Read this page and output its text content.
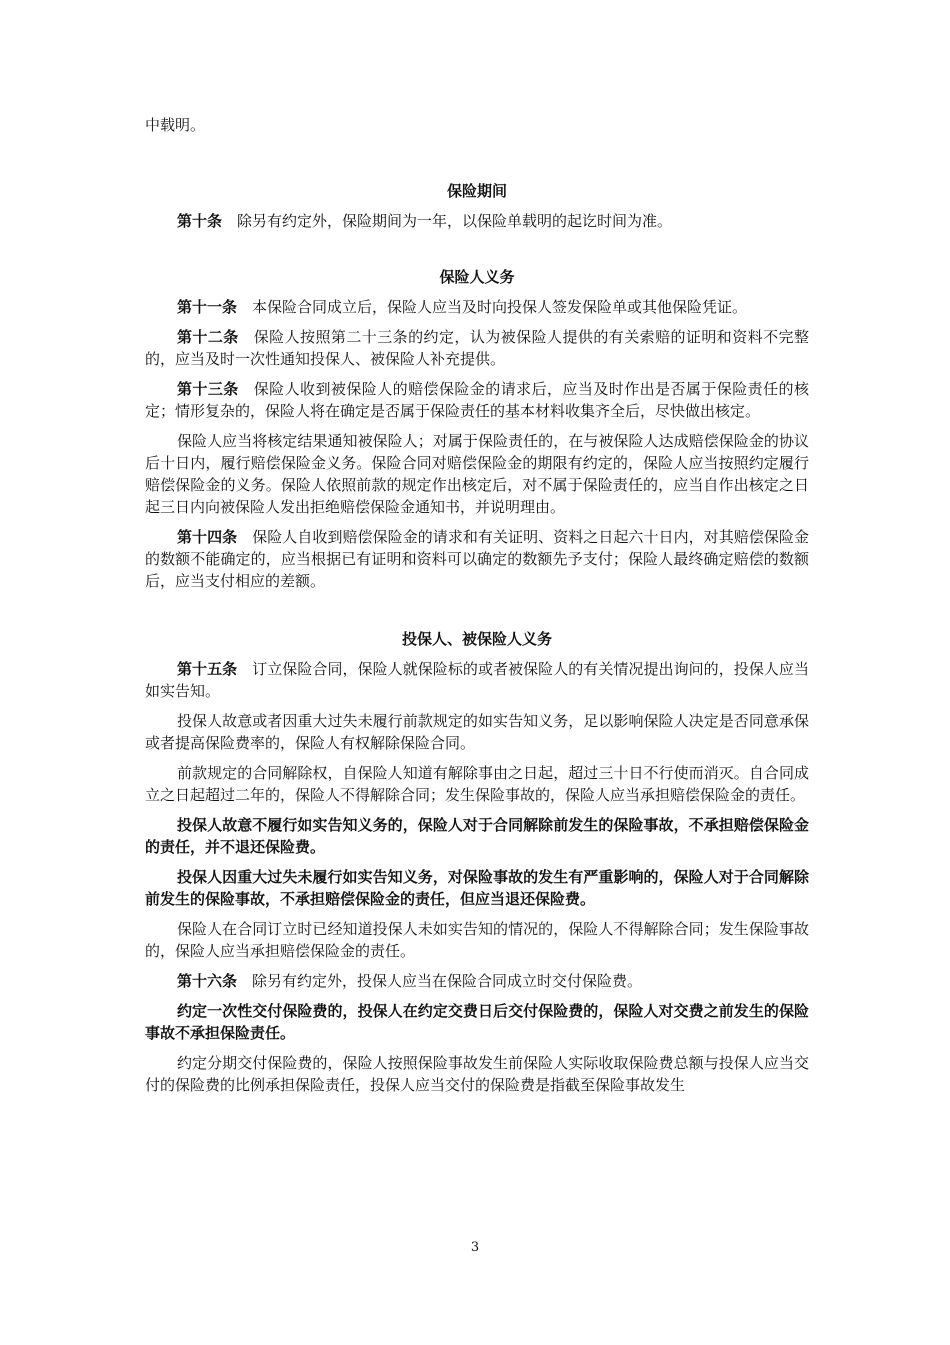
中载明。

保险期间

第十条 除另有约定外，保险期间为一年，以保险单载明的起讫时间为准。

保险人义务

第十一条 本保险合同成立后，保险人应当及时向投保人签发保险单或其他保险凭证。

第十二条 保险人按照第二十三条的约定，认为被保险人提供的有关索赔的证明和资料不完整的，应当及时一次性通知投保人、被保险人补充提供。

第十三条 保险人收到被保险人的赔偿保险金的请求后，应当及时作出是否属于保险责任的核定；情形复杂的，保险人将在确定是否属于保险责任的基本材料收集齐全后，尽快做出核定。

保险人应当将核定结果通知被保险人；对属于保险责任的，在与被保险人达成赔偿保险金的协议后十日内，履行赔偿保险金义务。保险合同对赔偿保险金的期限有约定的，保险人应当按照约定履行赔偿保险金的义务。保险人依照前款的规定作出核定后，对不属于保险责任的，应当自作出核定之日起三日内向被保险人发出拒绝赔偿保险金通知书，并说明理由。

第十四条 保险人自收到赔偿保险金的请求和有关证明、资料之日起六十日内，对其赔偿保险金的数额不能确定的，应当根据已有证明和资料可以确定的数额先予支付；保险人最终确定赔偿的数额后，应当支付相应的差额。

投保人、被保险人义务

第十五条 订立保险合同，保险人就保险标的或者被保险人的有关情况提出询问的，投保人应当如实告知。

投保人故意或者因重大过失未履行前款规定的如实告知义务，足以影响保险人决定是否同意承保或者提高保险费率的，保险人有权解除保险合同。

前款规定的合同解除权，自保险人知道有解除事由之日起，超过三十日不行使而消灭。自合同成立之日起超过二年的，保险人不得解除合同；发生保险事故的，保险人应当承担赔偿保险金的责任。

投保人故意不履行如实告知义务的，保险人对于合同解除前发生的保险事故，不承担赔偿保险金的责任，并不退还保险费。

投保人因重大过失未履行如实告知义务，对保险事故的发生有严重影响的，保险人对于合同解除前发生的保险事故，不承担赔偿保险金的责任，但应当退还保险费。

保险人在合同订立时已经知道投保人未如实告知的情况的，保险人不得解除合同；发生保险事故的，保险人应当承担赔偿保险金的责任。

第十六条 除另有约定外，投保人应当在保险合同成立时交付保险费。

约定一次性交付保险费的，投保人在约定交费日后交付保险费的，保险人对交费之前发生的保险事故不承担保险责任。

约定分期交付保险费的，保险人按照保险事故发生前保险人实际收取保险费总额与投保人应当交付的保险费的比例承担保险责任，投保人应当交付的保险费是指截至保险事故发生

3
